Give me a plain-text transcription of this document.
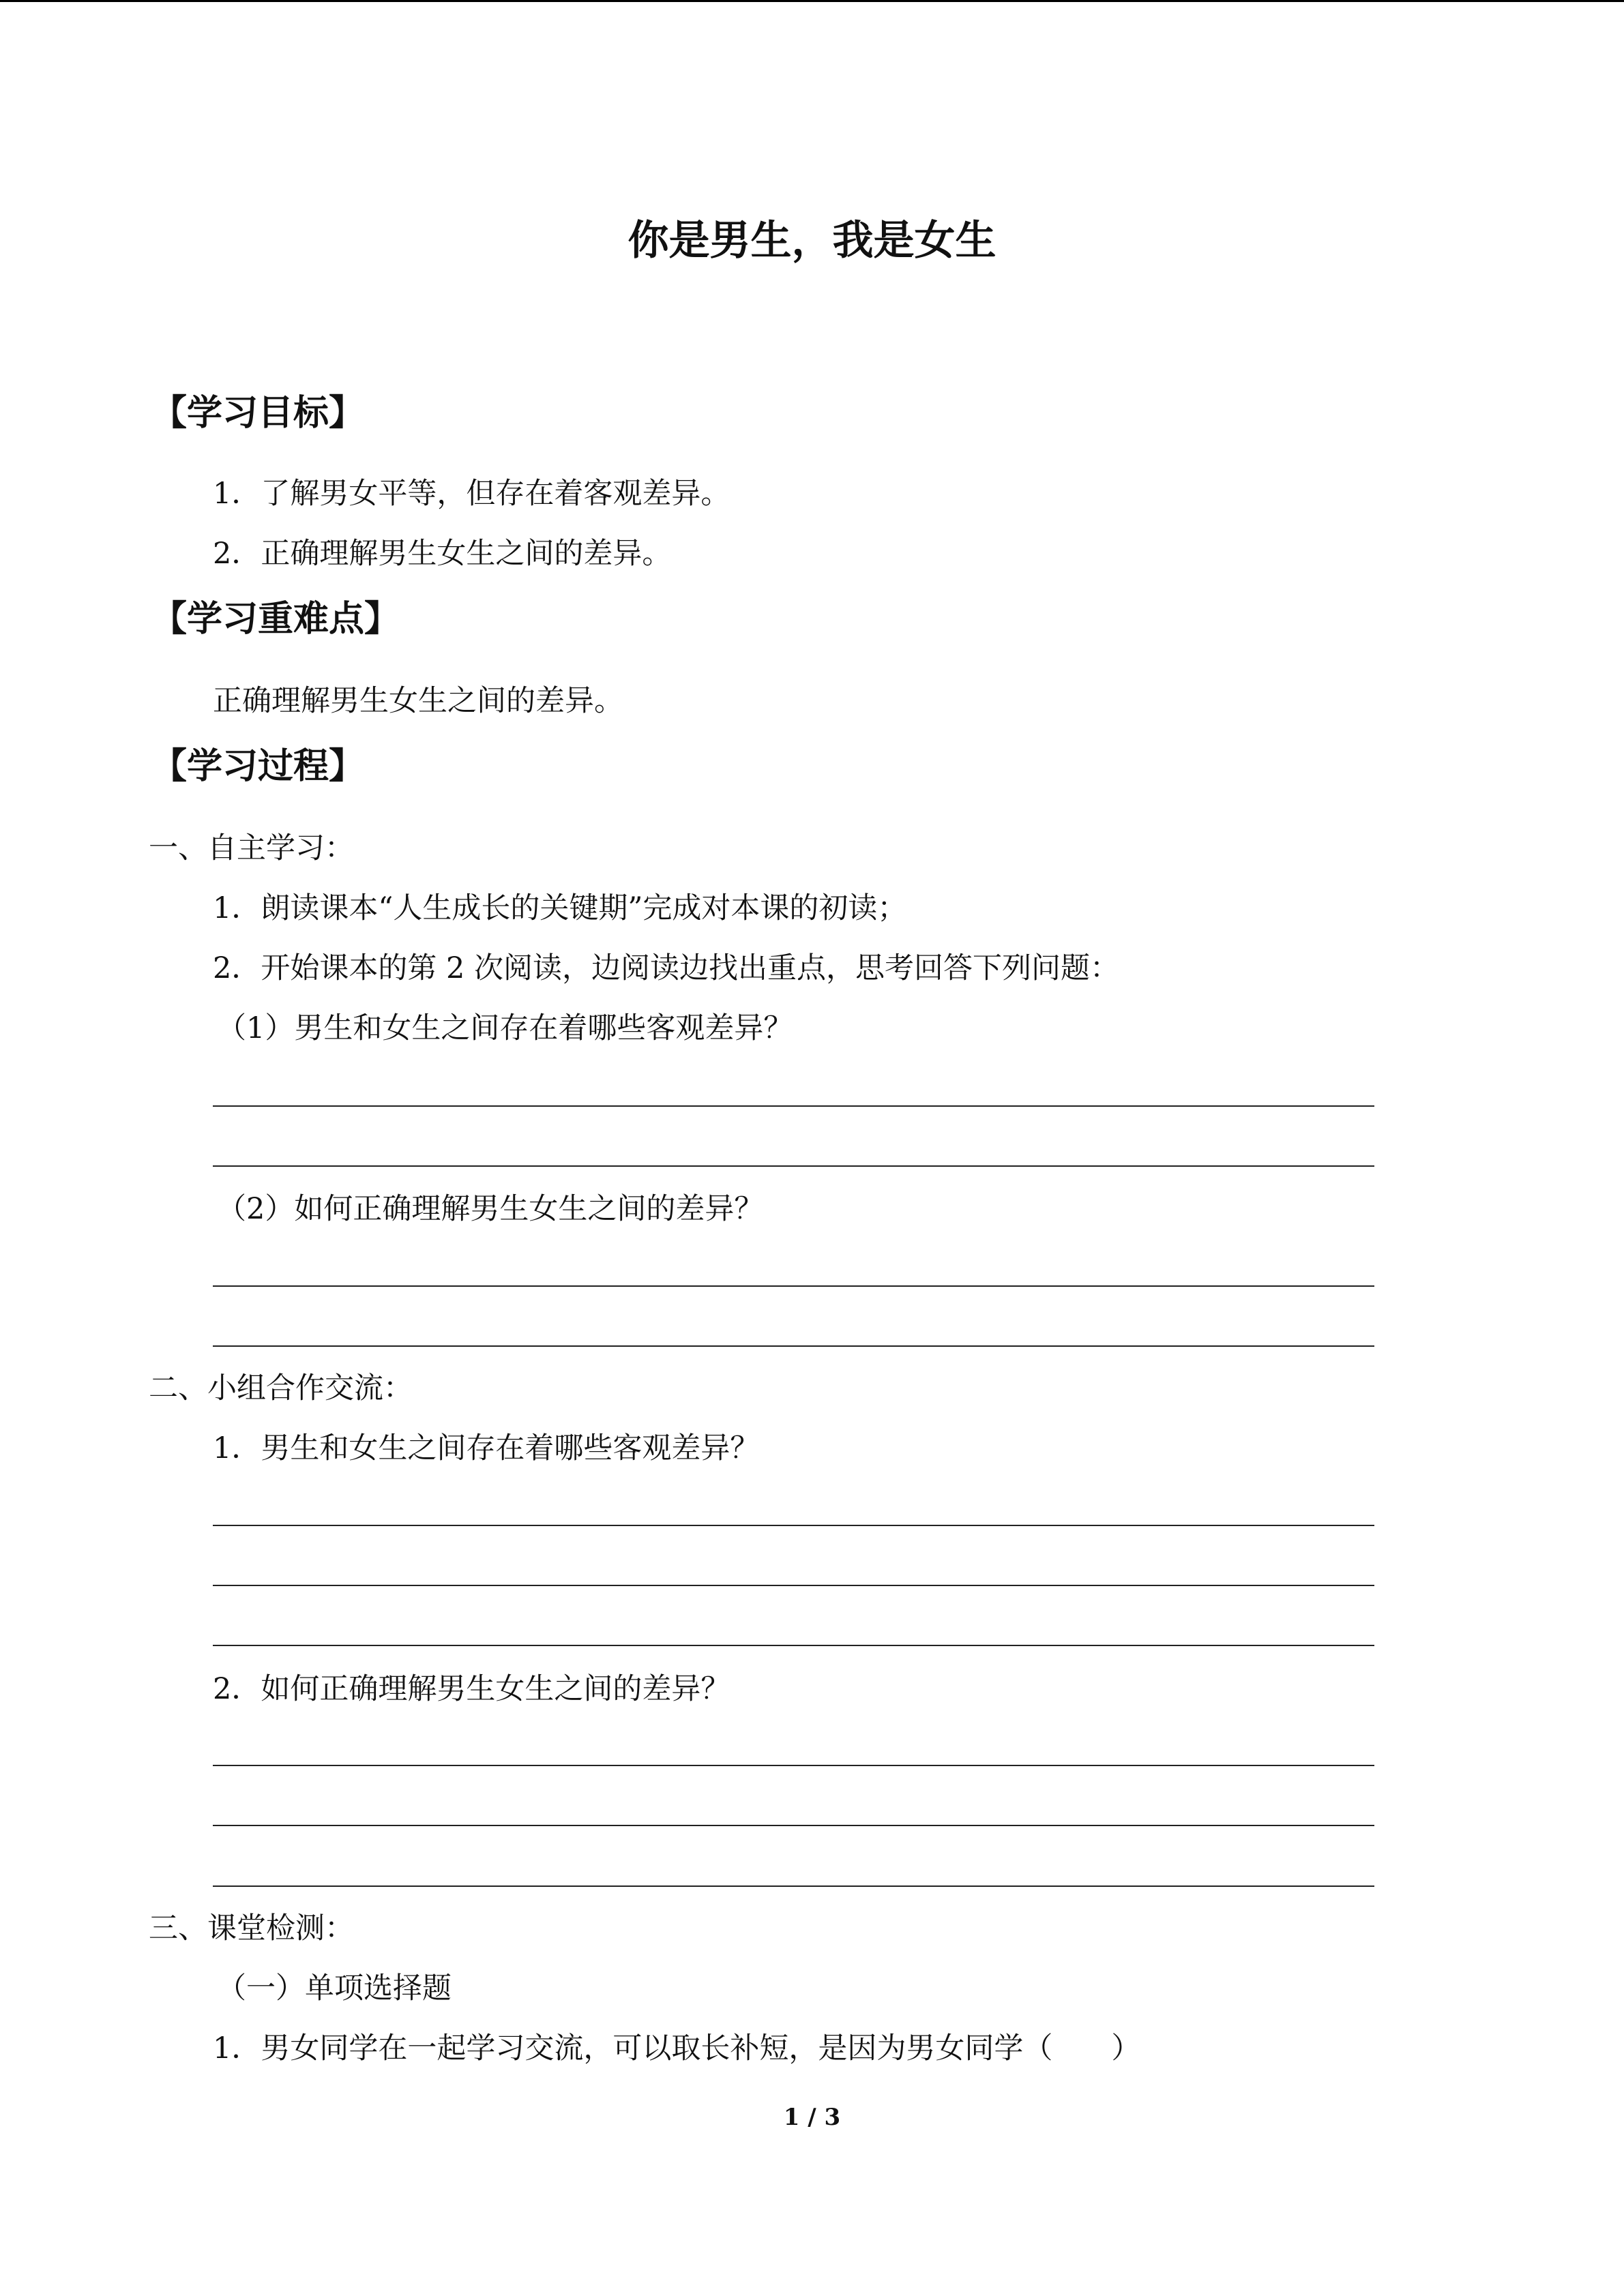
你是男生，我是女生
【学习目标】
1．了解男女平等，但存在着客观差异。
2．正确理解男生女生之间的差异。
【学习重难点】
正确理解男生女生之间的差异。
【学习过程】
一、自主学习：
1．朗读课本“人生成长的关键期”完成对本课的初读；
2．开始课本的第 2 次阅读，边阅读边找出重点，思考回答下列问题：
（1）男生和女生之间存在着哪些客观差异？
（2）如何正确理解男生女生之间的差异？
二、小组合作交流：
1．男生和女生之间存在着哪些客观差异？
2．如何正确理解男生女生之间的差异？
三、课堂检测：
（一）单项选择题
1．男女同学在一起学习交流，可以取长补短，是因为男女同学（　　）
1 / 3
